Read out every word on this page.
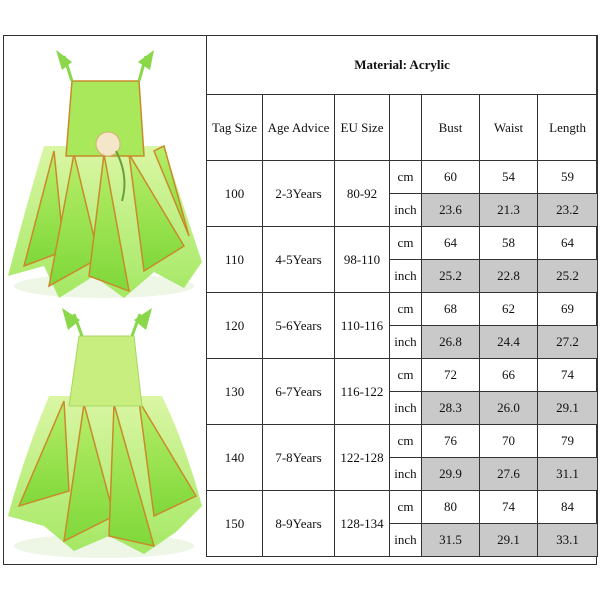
Material: Acrylic						
Tag Size	Age Advice	EU Size		Bust	Waist	Length
100	2-3Years	80-92	cm	60	54	59
			inch	23.6	21.3	23.2
110	4-5Years	98-110	cm	64	58	64
			inch	25.2	22.8	25.2
120	5-6Years	110-116	cm	68	62	69
			inch	26.8	24.4	27.2
130	6-7Years	116-122	cm	72	66	74
			inch	28.3	26.0	29.1
140	7-8Years	122-128	cm	76	70	79
			inch	29.9	27.6	31.1
150	8-9Years	128-134	cm	80	74	84
			inch	31.5	29.1	33.1
